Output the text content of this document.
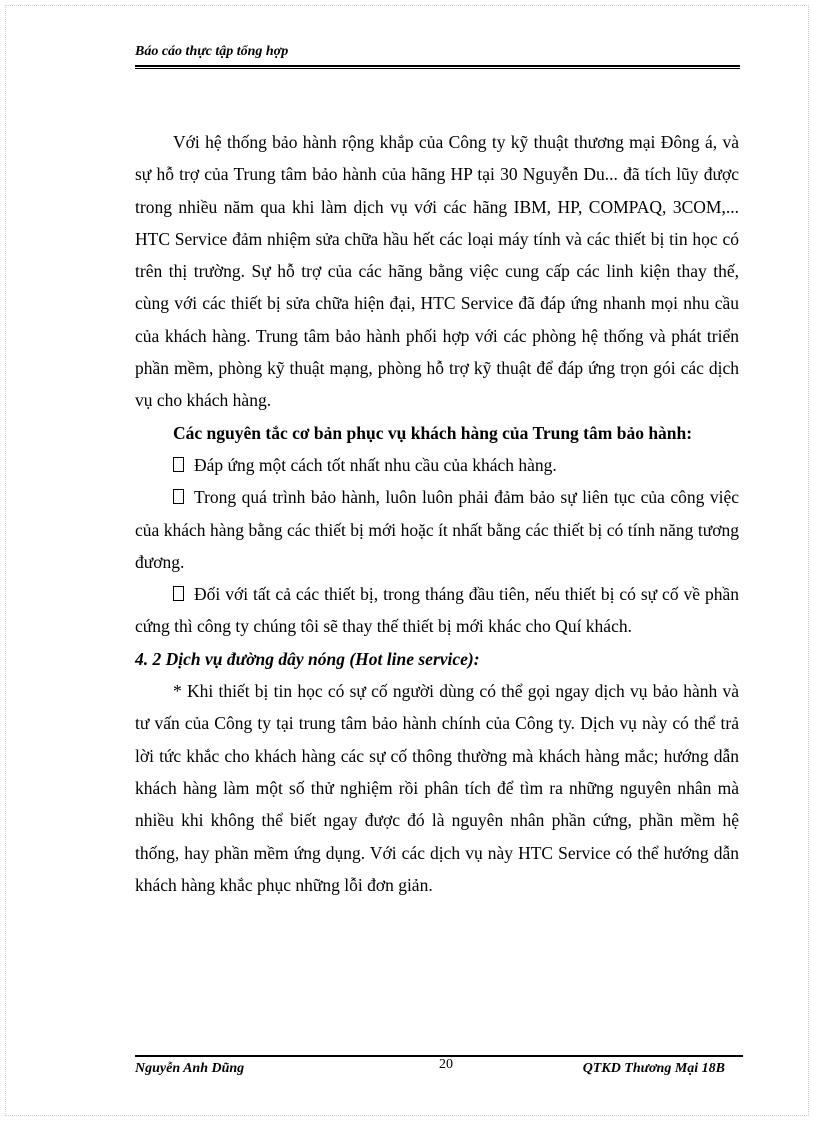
Báo cáo thực tập tổng hợp

Với hệ thống bảo hành rộng khắp của Công ty kỹ thuật thương mại Đông á, và sự hỗ trợ của Trung tâm bảo hành của hãng HP tại 30 Nguyễn Du... đã tích lũy được trong nhiều năm qua khi làm dịch vụ với các hãng IBM, HP, COMPAQ, 3COM,... HTC Service đảm nhiệm sửa chữa hầu hết các loại máy tính và các thiết bị tin học có trên thị trường. Sự hỗ trợ của các hãng bằng việc cung cấp các linh kiện thay thế, cùng với các thiết bị sửa chữa hiện đại, HTC Service đã đáp ứng nhanh mọi nhu cầu của khách hàng. Trung tâm bảo hành phối hợp với các phòng hệ thống và phát triển phần mềm, phòng kỹ thuật mạng, phòng hỗ trợ kỹ thuật để đáp ứng trọn gói các dịch vụ cho khách hàng.

Các nguyên tắc cơ bản phục vụ khách hàng của Trung tâm bảo hành:

Đáp ứng một cách tốt nhất nhu cầu của khách hàng.

Trong quá trình bảo hành, luôn luôn phải đảm bảo sự liên tục của công việc của khách hàng bằng các thiết bị mới hoặc ít nhất bằng các thiết bị có tính năng tương đương.

Đối với tất cả các thiết bị, trong tháng đầu tiên, nếu thiết bị có sự cố về phần cứng thì công ty chúng tôi sẽ thay thế thiết bị mới khác cho Quí khách.

4. 2 Dịch vụ đường dây nóng (Hot line service):

* Khi thiết bị tin học có sự cố người dùng có thể gọi ngay dịch vụ bảo hành và tư vấn của Công ty tại trung tâm bảo hành chính của Công ty. Dịch vụ này có thể trả lời tức khắc cho khách hàng các sự cố thông thường mà khách hàng mắc; hướng dẫn khách hàng làm một số thử nghiệm rồi phân tích để tìm ra những nguyên nhân mà nhiều khi không thể biết ngay được đó là nguyên nhân phần cứng, phần mềm hệ thống, hay phần mềm ứng dụng. Với các dịch vụ này HTC Service có thể hướng dẫn khách hàng khắc phục những lỗi đơn giản.

Nguyễn Anh Dũng	20	QTKD Thương Mại 18B
